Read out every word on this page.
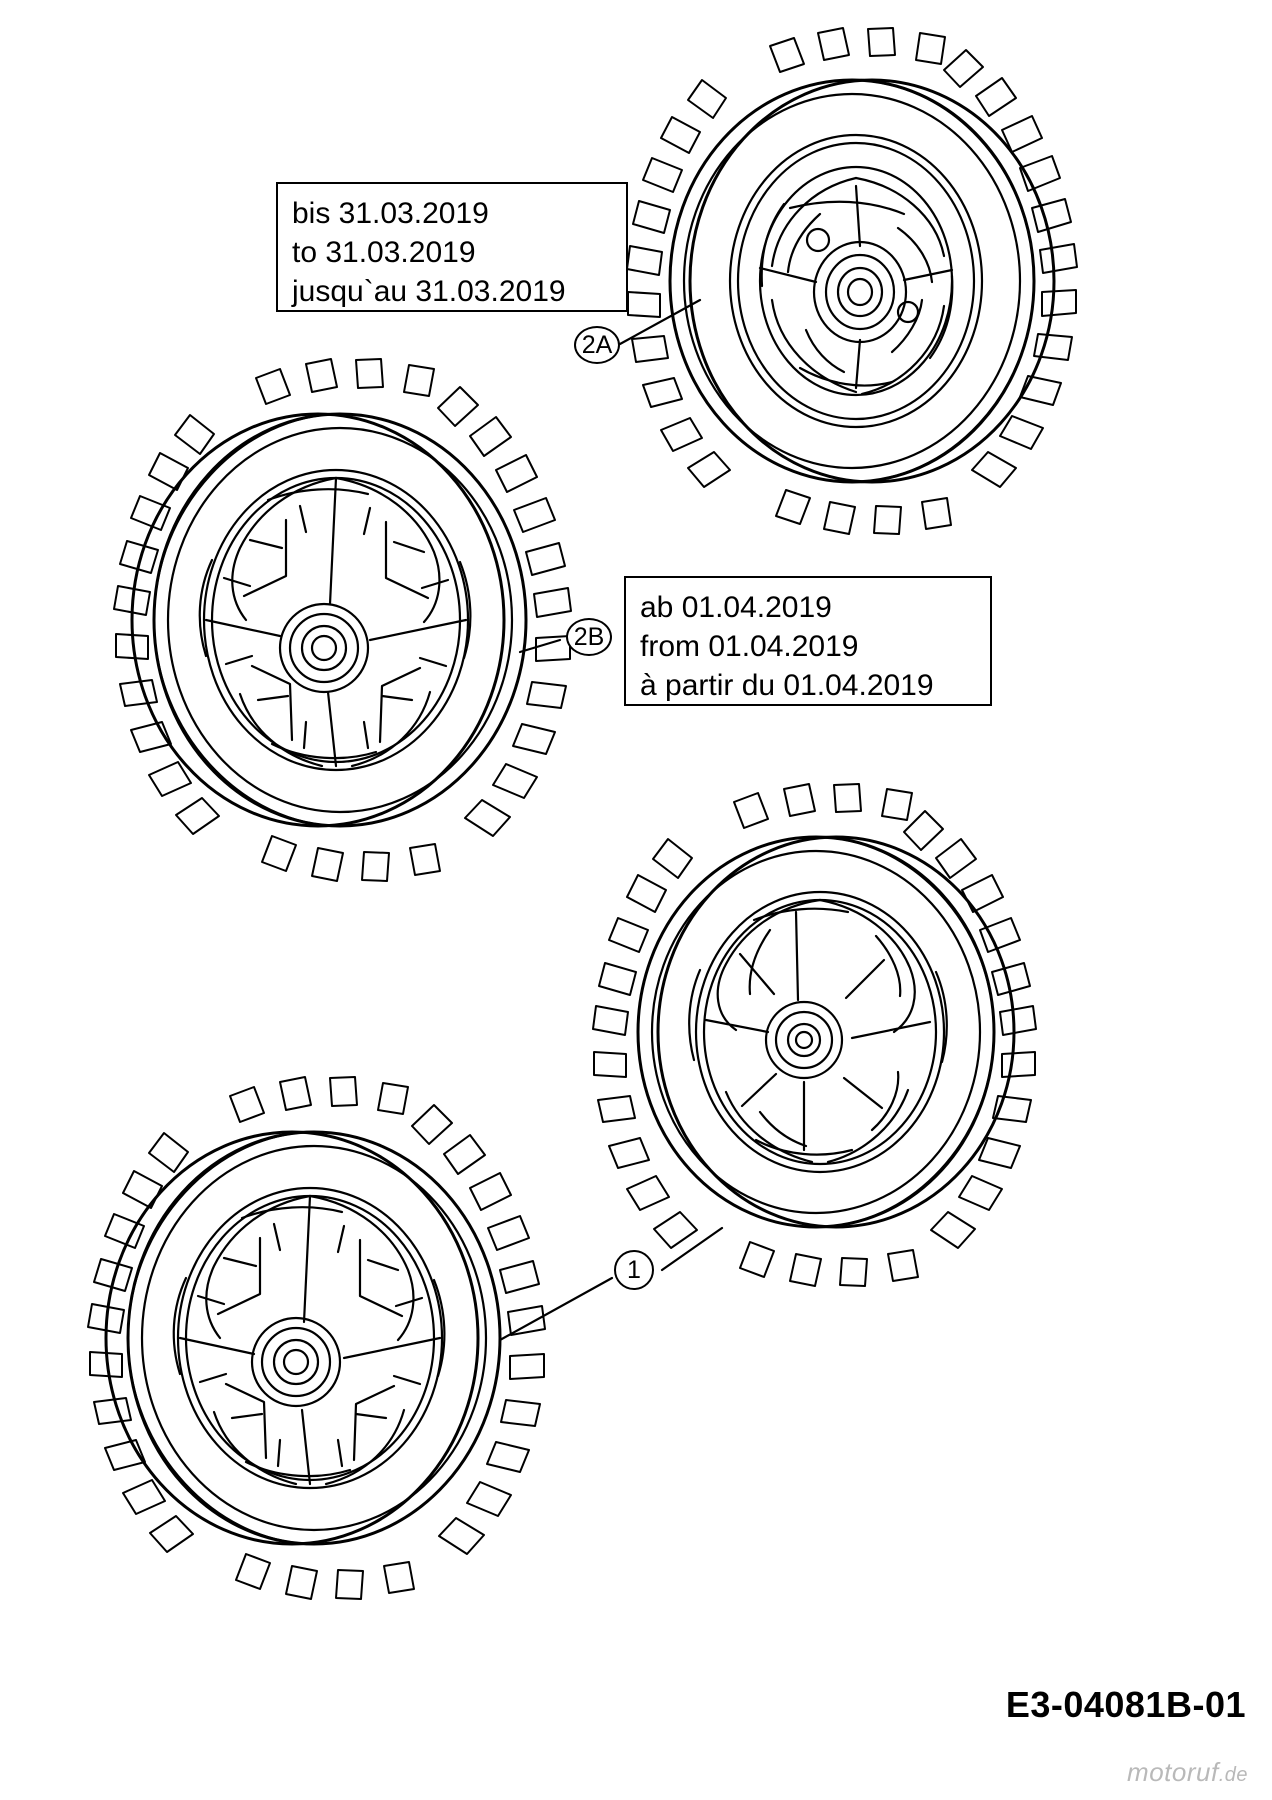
bis 31.03.2019
to 31.03.2019
jusqu`au 31.03.2019
ab 01.04.2019
from 01.04.2019
à partir du 01.04.2019
2A
2B
1
E3-04081B-01
motoruf.de
